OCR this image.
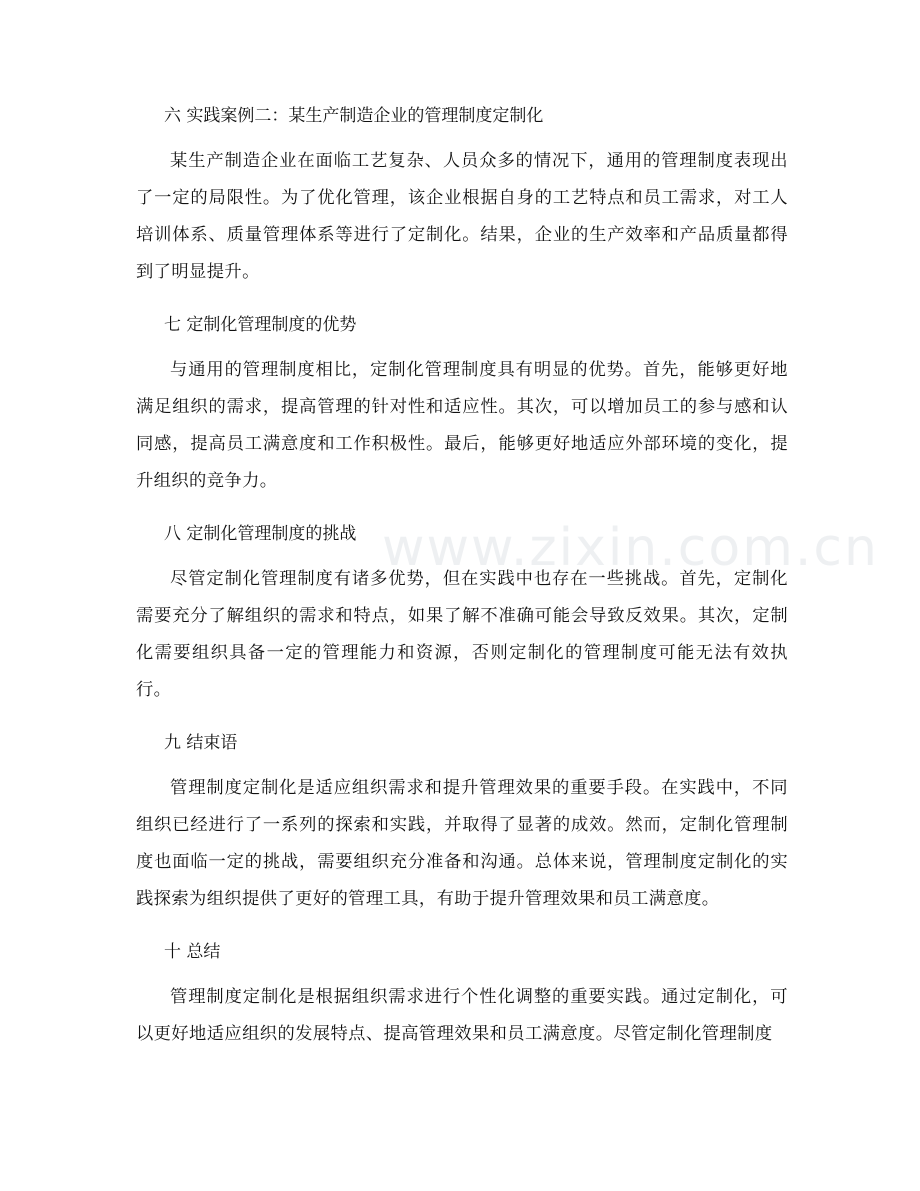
www.zixin.com.cn
六 实践案例二：某生产制造企业的管理制度定制化

某生产制造企业在面临工艺复杂、人员众多的情况下，通用的管理制度表现出了一定的局限性。为了优化管理，该企业根据自身的工艺特点和员工需求，对工人培训体系、质量管理体系等进行了定制化。结果，企业的生产效率和产品质量都得到了明显提升。

七 定制化管理制度的优势

与通用的管理制度相比，定制化管理制度具有明显的优势。首先，能够更好地满足组织的需求，提高管理的针对性和适应性。其次，可以增加员工的参与感和认同感，提高员工满意度和工作积极性。最后，能够更好地适应外部环境的变化，提升组织的竞争力。

八 定制化管理制度的挑战

尽管定制化管理制度有诸多优势，但在实践中也存在一些挑战。首先，定制化需要充分了解组织的需求和特点，如果了解不准确可能会导致反效果。其次，定制化需要组织具备一定的管理能力和资源，否则定制化的管理制度可能无法有效执行。

九 结束语

管理制度定制化是适应组织需求和提升管理效果的重要手段。在实践中，不同组织已经进行了一系列的探索和实践，并取得了显著的成效。然而，定制化管理制度也面临一定的挑战，需要组织充分准备和沟通。总体来说，管理制度定制化的实践探索为组织提供了更好的管理工具，有助于提升管理效果和员工满意度。

十 总结

管理制度定制化是根据组织需求进行个性化调整的重要实践。通过定制化，可以更好地适应组织的发展特点、提高管理效果和员工满意度。尽管定制化管理制度
